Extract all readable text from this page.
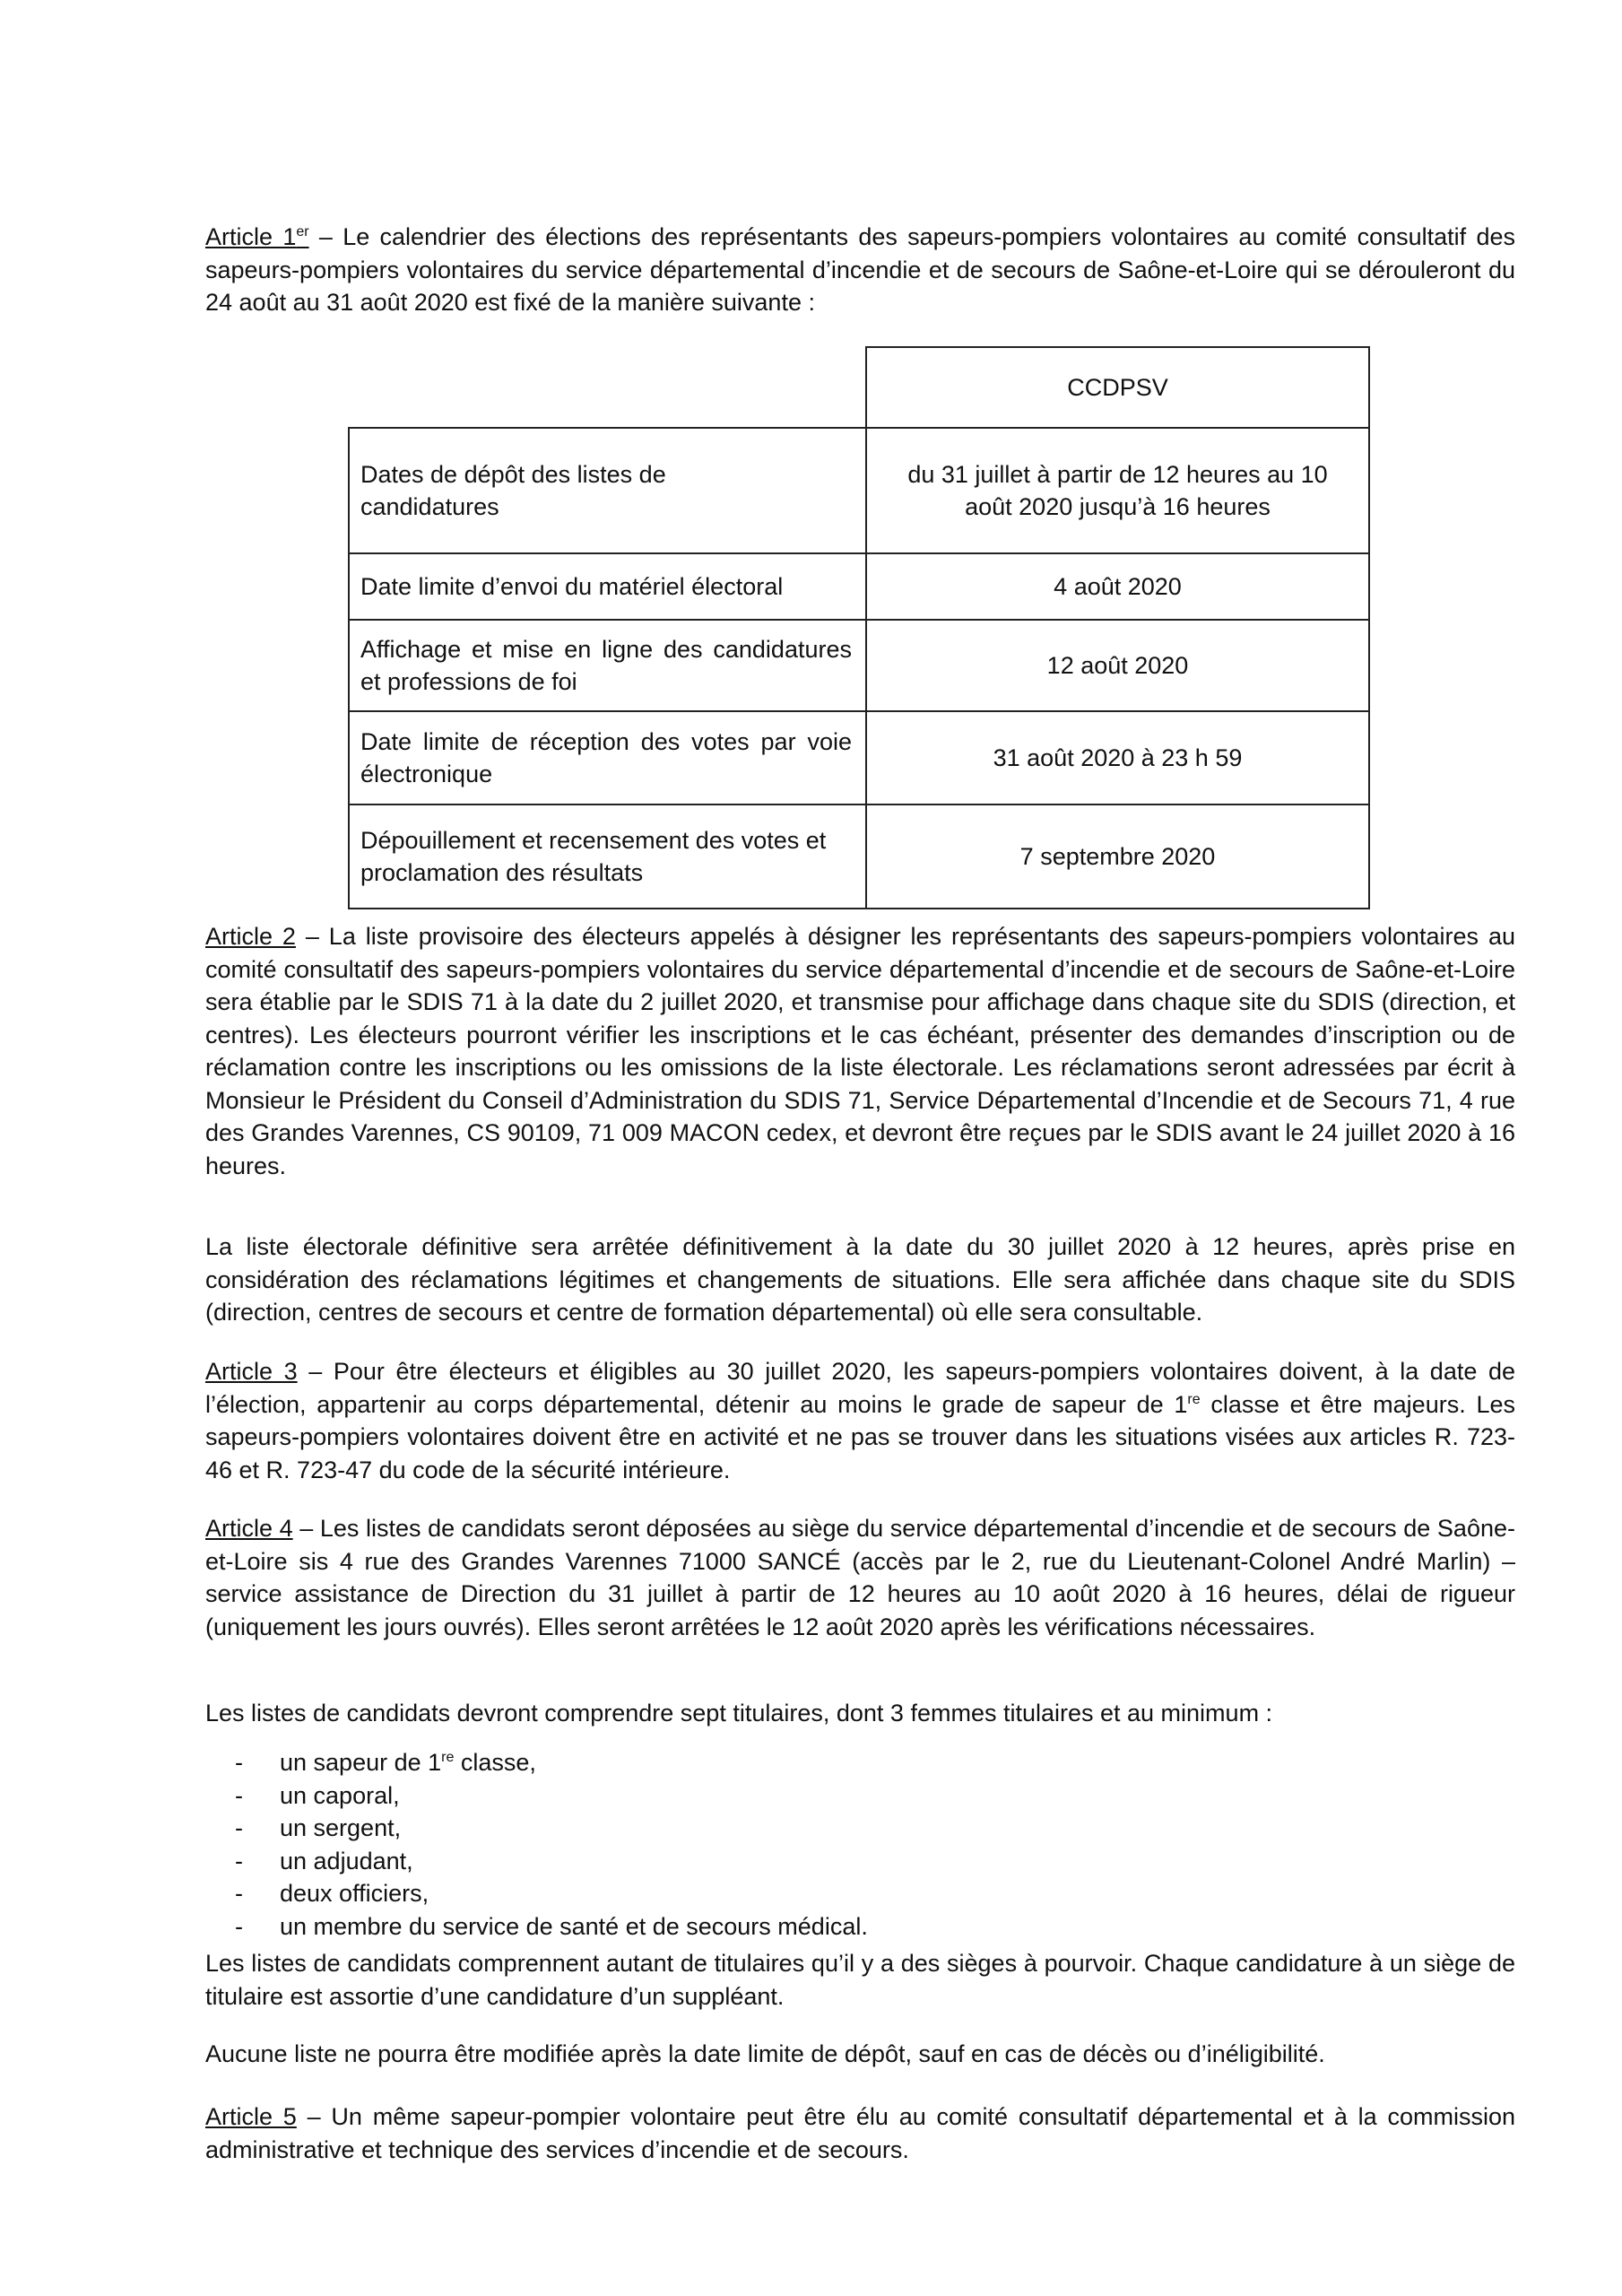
Article 1er – Le calendrier des élections des représentants des sapeurs-pompiers volontaires au comité consultatif des sapeurs-pompiers volontaires du service départemental d’incendie et de secours de Saône-et-Loire qui se dérouleront du 24 août au 31 août 2020 est fixé de la manière suivante :

CCDPSV
Dates de dépôt des listes de candidatures
du 31 juillet à partir de 12 heures au 10 août 2020 jusqu’à 16 heures
Date limite d’envoi du matériel électoral	4 août 2020
Affichage et mise en ligne des candidatures et professions de foi
12 août 2020
Date limite de réception des votes par voie électronique
31 août 2020 à 23 h 59
Dépouillement et recensement des votes et proclamation des résultats
7 septembre 2020

Article 2 – La liste provisoire des électeurs appelés à désigner les représentants des sapeurs-pompiers volontaires au comité consultatif des sapeurs-pompiers volontaires du service départemental d’incendie et de secours de Saône-et-Loire sera établie par le SDIS 71 à la date du 2 juillet 2020, et transmise pour affichage dans chaque site du SDIS (direction, et centres). Les électeurs pourront vérifier les inscriptions et le cas échéant, présenter des demandes d’inscription ou de réclamation contre les inscriptions ou les omissions de la liste électorale. Les réclamations seront adressées par écrit à Monsieur le Président du Conseil d’Administration du SDIS 71, Service Départemental d’Incendie et de Secours 71, 4 rue des Grandes Varennes, CS 90109, 71 009 MACON cedex, et devront être reçues par le SDIS avant le 24 juillet 2020 à 16 heures.

La liste électorale définitive sera arrêtée définitivement à la date du 30 juillet 2020 à 12 heures, après prise en considération des réclamations légitimes et changements de situations. Elle sera affichée dans chaque site du SDIS (direction, centres de secours et centre de formation départemental) où elle sera consultable.

Article 3 – Pour être électeurs et éligibles au 30 juillet 2020, les sapeurs-pompiers volontaires doivent, à la date de l’élection, appartenir au corps départemental, détenir au moins le grade de sapeur de 1re classe et être majeurs. Les sapeurs-pompiers volontaires doivent être en activité et ne pas se trouver dans les situations visées aux articles R. 723-46 et R. 723-47 du code de la sécurité intérieure.

Article 4 – Les listes de candidats seront déposées au siège du service départemental d’incendie et de secours de Saône-et-Loire sis 4 rue des Grandes Varennes 71000 SANCÉ (accès par le 2, rue du Lieutenant-Colonel André Marlin) – service assistance de Direction du 31 juillet à partir de 12 heures au 10 août 2020 à 16 heures, délai de rigueur (uniquement les jours ouvrés). Elles seront arrêtées le 12 août 2020 après les vérifications nécessaires.

Les listes de candidats devront comprendre sept titulaires, dont 3 femmes titulaires et au minimum :

- un sapeur de 1re classe,
- un caporal,
- un sergent,
- un adjudant,
- deux officiers,
- un membre du service de santé et de secours médical.

Les listes de candidats comprennent autant de titulaires qu’il y a des sièges à pourvoir. Chaque candidature à un siège de titulaire est assortie d’une candidature d’un suppléant.

Aucune liste ne pourra être modifiée après la date limite de dépôt, sauf en cas de décès ou d’inéligibilité.

Article 5 – Un même sapeur-pompier volontaire peut être élu au comité consultatif départemental et à la commission administrative et technique des services d’incendie et de secours.
